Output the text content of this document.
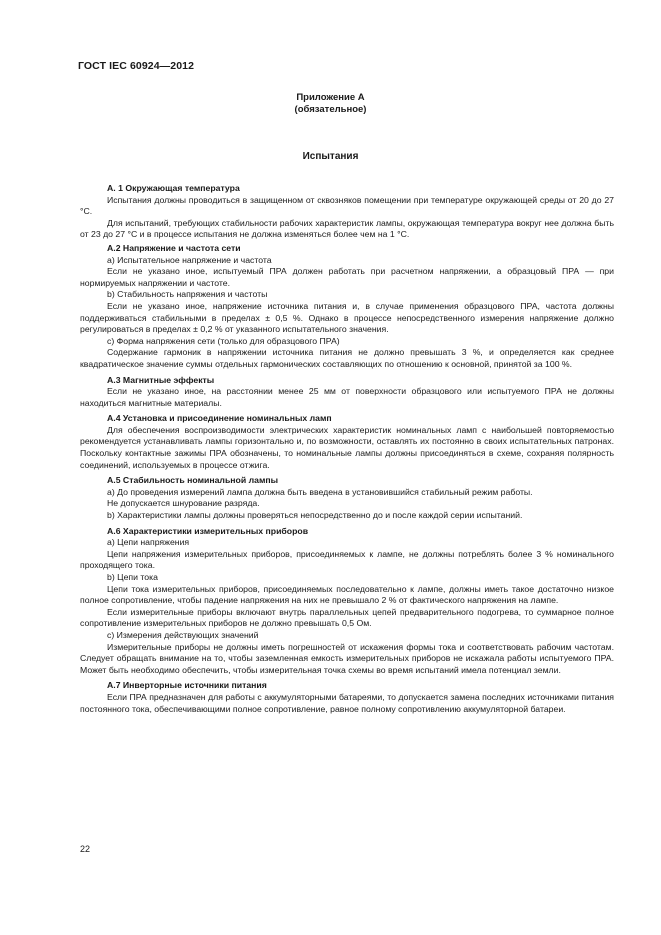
ГОСТ IEC 60924—2012
Приложение А
(обязательное)
Испытания
А. 1 Окружающая температура

Испытания должны проводиться в защищенном от сквозняков помещении при температуре окружающей среды от 20 до 27 °С.

Для испытаний, требующих стабильности рабочих характеристик лампы, окружающая температура вокруг нее должна быть от 23 до 27 °С и в процессе испытания не должна изменяться более чем на 1 °С.

А.2 Напряжение и частота сети

а) Испытательное напряжение и частота

Если не указано иное, испытуемый ПРА должен работать при расчетном напряжении, а образцовый ПРА — при нормируемых напряжении и частоте.

b) Стабильность напряжения и частоты

Если не указано иное, напряжение источника питания и, в случае применения образцового ПРА, частота должны поддерживаться стабильными в пределах ± 0,5 %. Однако в процессе непосредственного измерения напряжение должно регулироваться в пределах ± 0,2 % от указанного испытательного значения.

с) Форма напряжения сети (только для образцового ПРА)

Содержание гармоник в напряжении источника питания не должно превышать 3 %, и определяется как среднее квадратическое значение суммы отдельных гармонических составляющих по отношению к основной, принятой за 100 %.

А.3 Магнитные эффекты

Если не указано иное, на расстоянии менее 25 мм от поверхности образцового или испытуемого ПРА не должны находиться магнитные материалы.

А.4 Установка и присоединение номинальных ламп

Для обеспечения воспроизводимости электрических характеристик номинальных ламп с наибольшей повторяемостью рекомендуется устанавливать лампы горизонтально и, по возможности, оставлять их постоянно в своих испытательных патронах. Поскольку контактные зажимы ПРА обозначены, то номинальные лампы должны присоединяться в схеме, сохраняя полярность соединений, используемых в процессе отжига.

А.5 Стабильность номинальной лампы

а) До проведения измерений лампа должна быть введена в установившийся стабильный режим работы.

Не допускается шнурование разряда.

b) Характеристики лампы должны проверяться непосредственно до и после каждой серии испытаний.

А.6 Характеристики измерительных приборов

а) Цепи напряжения

Цепи напряжения измерительных приборов, присоединяемых к лампе, не должны потреблять более 3 % номинального проходящего тока.

b) Цепи тока

Цепи тока измерительных приборов, присоединяемых последовательно к лампе, должны иметь такое достаточно низкое полное сопротивление, чтобы падение напряжения на них не превышало 2 % от фактического напряжения на лампе.

Если измерительные приборы включают внутрь параллельных цепей предварительного подогрева, то суммарное полное сопротивление измерительных приборов не должно превышать 0,5 Ом.

с) Измерения действующих значений

Измерительные приборы не должны иметь погрешностей от искажения формы тока и соответствовать рабочим частотам. Следует обращать внимание на то, чтобы заземленная емкость измерительных приборов не искажала работы испытуемого ПРА. Может быть необходимо обеспечить, чтобы измерительная точка схемы во время испытаний имела потенциал земли.

А.7 Инверторные источники питания

Если ПРА предназначен для работы с аккумуляторными батареями, то допускается замена последних источниками питания постоянного тока, обеспечивающими полное сопротивление, равное полному сопротивлению аккумуляторной батареи.

22
